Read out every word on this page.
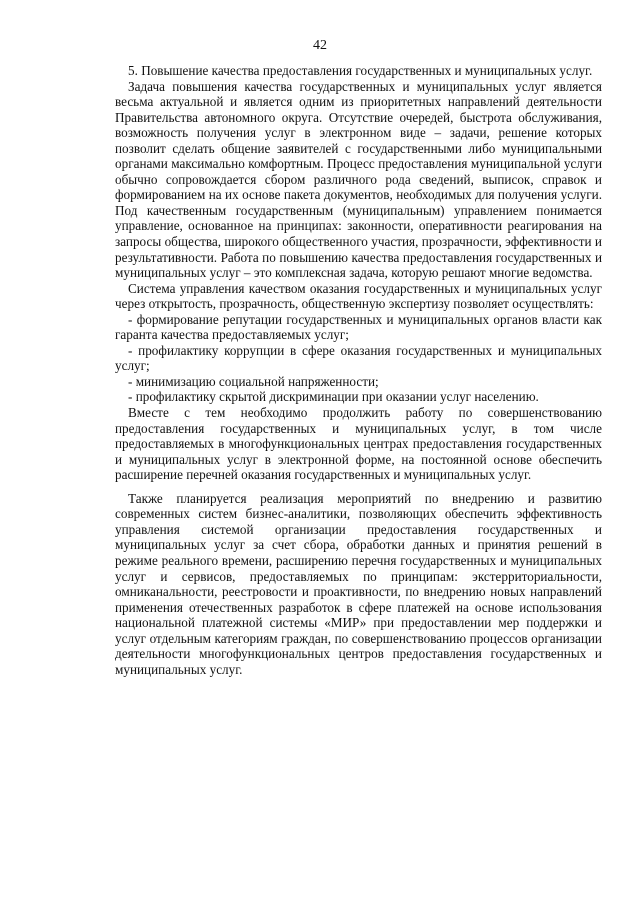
42

5. Повышение качества предоставления государственных и муниципальных услуг.

Задача повышения качества государственных и муниципальных услуг является весьма актуальной и является одним из приоритетных направлений деятельности Правительства автономного округа. Отсутствие очередей, быстрота обслуживания, возможность получения услуг в электронном виде – задачи, решение которых позволит сделать общение заявителей с государственными либо муниципальными органами максимально комфортным. Процесс предоставления муниципальной услуги обычно сопровождается сбором различного рода сведений, выписок, справок и формированием на их основе пакета документов, необходимых для получения услуги. Под качественным государственным (муниципальным) управлением понимается управление, основанное на принципах: законности, оперативности реагирования на запросы общества, широкого общественного участия, прозрачности, эффективности и результативности. Работа по повышению качества предоставления государственных и муниципальных услуг – это комплексная задача, которую решают многие ведомства.

Система управления качеством оказания государственных и муниципальных услуг через открытость, прозрачность, общественную экспертизу позволяет осуществлять:

- формирование репутации государственных и муниципальных органов власти как гаранта качества предоставляемых услуг;

- профилактику коррупции в сфере оказания государственных и муниципальных услуг;

- минимизацию социальной напряженности;

- профилактику скрытой дискриминации при оказании услуг населению.

Вместе с тем необходимо продолжить работу по совершенствованию предоставления государственных и муниципальных услуг, в том числе предоставляемых в многофункциональных центрах предоставления государственных и муниципальных услуг в электронной форме, на постоянной основе обеспечить расширение перечней оказания государственных и муниципальных услуг.

Также планируется реализация мероприятий по внедрению и развитию современных систем бизнес-аналитики, позволяющих обеспечить эффективность управления системой организации предоставления государственных и муниципальных услуг за счет сбора, обработки данных и принятия решений в режиме реального времени, расширению перечня государственных и муниципальных услуг и сервисов, предоставляемых по принципам: экстерриториальности, омниканальности, реестровости и проактивности, по внедрению новых направлений применения отечественных разработок в сфере платежей на основе использования национальной платежной системы «МИР» при предоставлении мер поддержки и услуг отдельным категориям граждан, по совершенствованию процессов организации деятельности многофункциональных центров предоставления государственных и муниципальных услуг.
